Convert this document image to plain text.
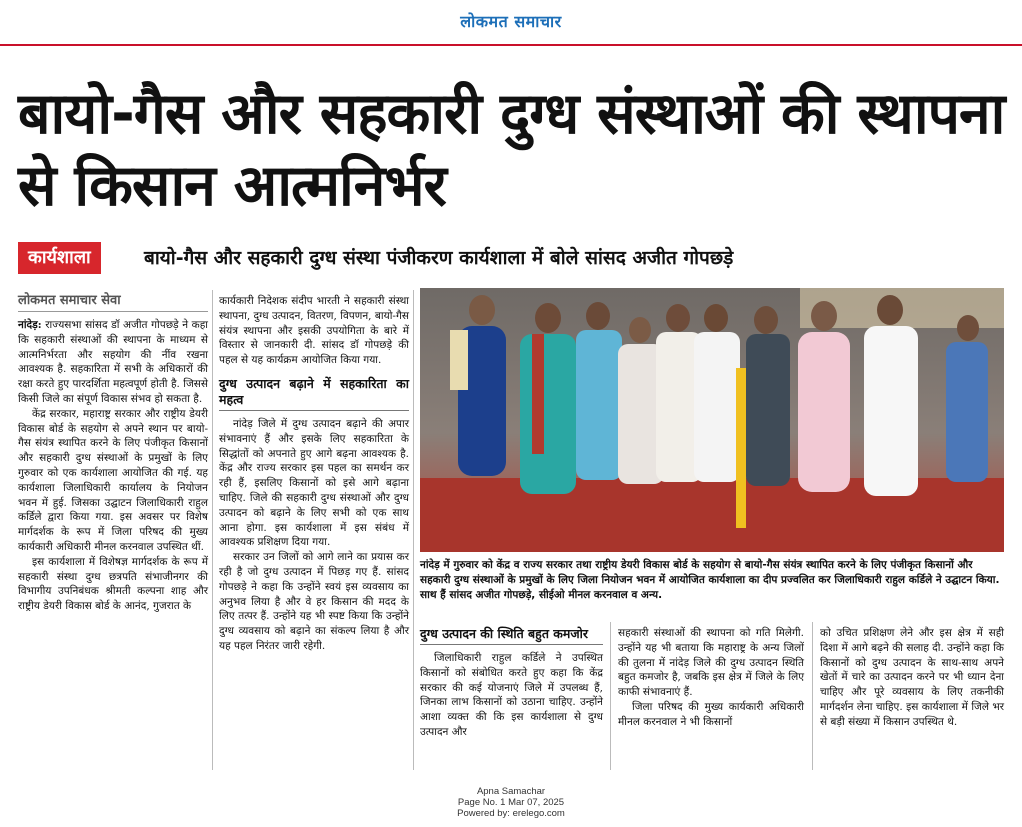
लोकमत समाचार
बायो-गैस और सहकारी दुग्ध संस्थाओं की स्थापना से किसान आत्मनिर्भर
कार्यशाला	बायो-गैस और सहकारी दुग्ध संस्था पंजीकरण कार्यशाला में बोले सांसद अजीत गोपछड़े
लोकमत समाचार सेवा

नांदेड़: राज्यसभा सांसद डॉ अजीत गोपछड़े ने कहा कि सहकारी संस्थाओं की स्थापना के माध्यम से आत्मनिर्भरता और सहयोग की नींव रखना आवश्यक है. सहकारिता में सभी के अधिकारों की रक्षा करते हुए पारदर्शिता महत्वपूर्ण होती है. जिससे किसी जिले का संपूर्ण विकास संभव हो सकता है.

केंद्र सरकार, महाराष्ट्र सरकार और राष्ट्रीय डेयरी विकास बोर्ड के सहयोग से अपने स्थान पर बायो-गैस संयंत्र स्थापित करने के लिए पंजीकृत किसानों और सहकारी दुग्ध संस्थाओं के प्रमुखों के लिए गुरुवार को एक कार्यशाला आयोजित की गई. यह कार्यशाला जिलाधिकारी कार्यालय के नियोजन भवन में हुई. जिसका उद्घाटन जिलाधिकारी राहुल कर्डिले द्वारा किया गया. इस अवसर पर विशेष मार्गदर्शक के रूप में जिला परिषद की मुख्य कार्यकारी अधिकारी मीनल करनवाल उपस्थित थीं.

इस कार्यशाला में विशेषज्ञ मार्गदर्शक के रूप में सहकारी संस्था दुग्ध छत्रपति संभाजीनगर की विभागीय उपनिबंधक श्रीमती कल्पना शाह और राष्ट्रीय डेयरी विकास बोर्ड के आनंद, गुजरात के

कार्यकारी निदेशक संदीप भारती ने सहकारी संस्था स्थापना, दुग्ध उत्पादन, वितरण, विपणन, बायो-गैस संयंत्र स्थापना और इसकी उपयोगिता के बारे में विस्तार से जानकारी दी. सांसद डॉ गोपछड़े की पहल से यह कार्यक्रम आयोजित किया गया.

दुग्ध उत्पादन बढ़ाने में सहकारिता का महत्व

नांदेड़ जिले में दुग्ध उत्पादन बढ़ाने की अपार संभावनाएं हैं और इसके लिए सहकारिता के सिद्धांतों को अपनाते हुए आगे बढ़ना आवश्यक है. केंद्र और राज्य सरकार इस पहल का समर्थन कर रही हैं, इसलिए किसानों को इसे आगे बढ़ाना चाहिए. जिले की सहकारी दुग्ध संस्थाओं और दुग्ध उत्पादन को बढ़ाने के लिए सभी को एक साथ आना होगा. इस कार्यशाला में इस संबंध में आवश्यक प्रशिक्षण दिया गया.

सरकार उन जिलों को आगे लाने का प्रयास कर रही है जो दुग्ध उत्पादन में पिछड़ गए हैं. सांसद गोपछड़े ने कहा कि उन्होंने स्वयं इस व्यवसाय का अनुभव लिया है और वे हर किसान की मदद के लिए तत्पर हैं. उन्होंने यह भी स्पष्ट किया कि उन्होंने दुग्ध व्यवसाय को बढ़ाने का संकल्प लिया है और यह पहल निरंतर जारी रहेगी.

नांदेड़ में गुरुवार को केंद्र व राज्य सरकार तथा राष्ट्रीय डेयरी विकास बोर्ड के सहयोग से बायो-गैस संयंत्र स्थापित करने के लिए पंजीकृत किसानों और सहकारी दुग्ध संस्थाओं के प्रमुखों के लिए जिला नियोजन भवन में आयोजित कार्यशाला का दीप प्रज्वलित कर जिलाधिकारी राहुल कर्डिले ने उद्घाटन किया. साथ हैं सांसद अजीत गोपछड़े, सीईओ मीनल करनवाल व अन्य.
दुग्ध उत्पादन की स्थिति बहुत कमजोर

जिलाधिकारी राहुल कर्डिले ने उपस्थित किसानों को संबोधित करते हुए कहा कि केंद्र सरकार की कई योजनाएं जिले में उपलब्ध हैं, जिनका लाभ किसानों को उठाना चाहिए. उन्होंने आशा व्यक्त की कि इस कार्यशाला से दुग्ध उत्पादन और

सहकारी संस्थाओं की स्थापना को गति मिलेगी. उन्होंने यह भी बताया कि महाराष्ट्र के अन्य जिलों की तुलना में नांदेड़ जिले की दुग्ध उत्पादन स्थिति बहुत कमजोर है, जबकि इस क्षेत्र में जिले के लिए काफी संभावनाएं हैं.

जिला परिषद की मुख्य कार्यकारी अधिकारी मीनल करनवाल ने भी किसानों

को उचित प्रशिक्षण लेने और इस क्षेत्र में सही दिशा में आगे बढ़ने की सलाह दी. उन्होंने कहा कि किसानों को दुग्ध उत्पादन के साथ-साथ अपने खेतों में चारे का उत्पादन करने पर भी ध्यान देना चाहिए और पूरे व्यवसाय के लिए तकनीकी मार्गदर्शन लेना चाहिए. इस कार्यशाला में जिले भर से बड़ी संख्या में किसान उपस्थित थे.

Apna Samachar
Page No. 1 Mar 07, 2025
Powered by: erelego.com
